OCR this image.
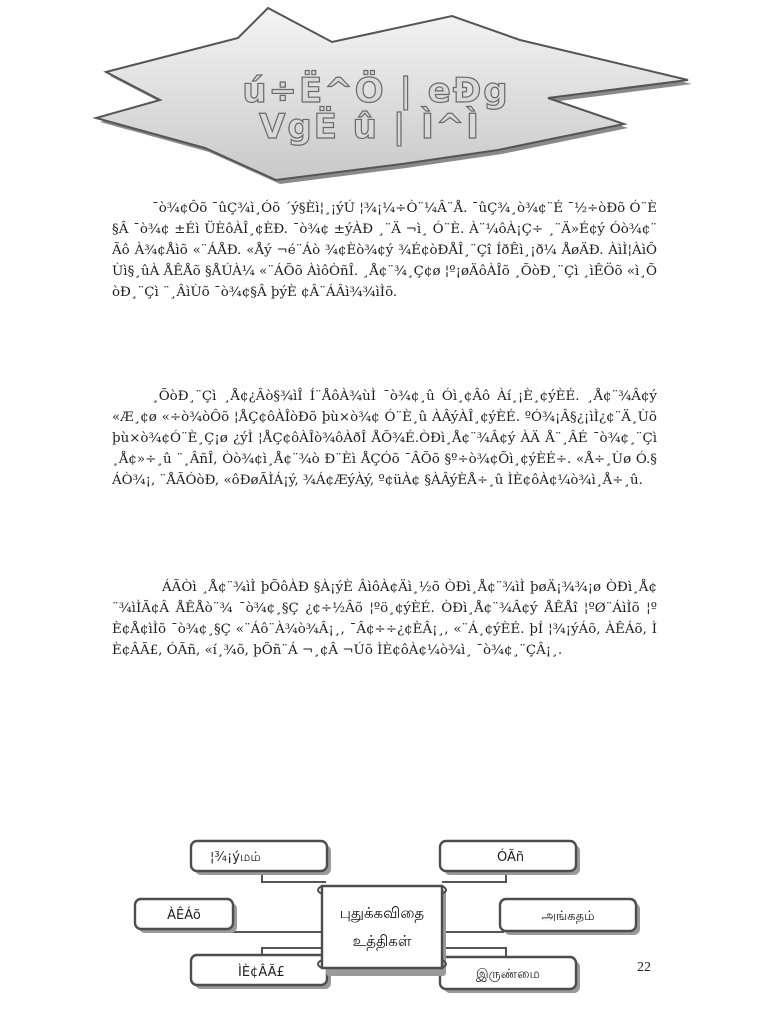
ú÷Ë^Ö | eÐg
VgË û | Ì^Ì

¯ò¾¢Ôõ ¯ûÇ¾ì¸Óõ ´ý§Èì¦¸¡ýÚ ¦¾¡¼÷Ò¨¼Â¨Å. ¯ûÇ¾¸ò¾¢¨É ¯½÷òÐõ Ó¨È§Â ¯ò¾¢ ±Éì ÜÈôÀÎ¸¢ÈÐ. ¯ò¾¢ ±ýÀÐ ¸¨Ä ¬ì¸ Ó¨È. À¨¼ôÀ¡Ç÷ ¸¨Ä»É¢ý Óò¾¢¨Ãô À¾¢Åìõ «¨ÁÅÐ. «Åý ¬é¨Áò ¾¢Èò¾¢ý ¾É¢òÐÅÎ¸¨Çî ÍðÊì¸¡ð¼ ÅøÄÐ. ÀìÌ¦ÀìÔÙì§¸ûÀ ÅÊÅõ §ÅÚÀ¼ «¨ÁÕõ ÀìôÒñÎ. ¸Å¢¨¾¸Ç¢ø ¦º¡øÄôÀÎõ ¸ÕòÐ¸¨Çì ¸ìÊÖõ «ì¸ÕòÐ¸¨Çì ¨¸ÂìÙõ ¯ò¾¢§Â þýÈ ¢Â¨ÁÂì¾¾ìÌõ.

¸ÕòÐ¸¨Çì ¸Å¢¿Âò§¾ìÎ Í¨ÅôÀ¾ùÌ ¯ò¾¢¸û Óì¸¢Âô Àí¸¡È¸¢ýÈÉ. ¸Å¢¨¾Â¢ý «Æ¸¢ø «÷ò¾òÔõ ¦ÅÇ¢ôÀÎòÐõ þù×ò¾¢ Ó¨È¸û ÀÂýÀÎ¸¢ýÈÉ. ºÓ¾¡Â§¿¡ìÌ¿¢¨Ä¸Ùõ þù×ò¾¢Ó¨È¸Ç¡ø ¿ýÌ ¦ÅÇ¢ôÀÎò¾ôÀðÎ ÅÕ¾É.ÒÐì¸Å¢¨¾Â¢ý ÀÄ Å¨¸ÂÉ ¯ò¾¢¸¨Çì ¸Å¢»÷¸û ¨¸ÂñÎ, Òò¾¢ì¸Å¢¨¾ò Ð¨Èì ÅÇÓõ ¯ÂÕõ §º÷ò¾¢Õì¸¢ýÈÉ÷. «Å÷¸Ùø Ó.§ÁÒ¾¡, ¨ÅÃÓòÐ, «ôÐøÃÌÁ¡ý, ¾Á¢ÆýÀý, º¢üÀ¢ §ÀÂýÈÅ÷¸û ÌÈ¢ôÀ¢¼ò¾ì¸Å÷¸û.

ÁÃÒì ¸Å¢¨¾ìÌ þÕôÀÐ §À¡ýÈ ÂìôÀ¢Äì¸½õ ÒÐì¸Å¢¨¾ìÌ þøÄ¡¾¾¡ø ÒÐì¸Å¢¨¾ìÌÃ¢Â ÅÊÅò¨¾ ¯ò¾¢¸§Ç ¿¢÷½Âõ ¦ºö¸¢ýÈÉ. ÒÐì¸Å¢¨¾Â¢ý ÅÊÅî ¦ºØ¨ÁìÌõ ¦ºÈ¢Å¢ìÌõ ¯ò¾¢¸§Ç «¨Áô¨À¾ò¾Â¡¸, ¯Â¢÷÷¿¢ÈÂ¡¸, «¨Á¸¢ýÈÉ. þÍ ¦¾¡ýÁõ, ÀÊÁõ, ÌÈ¢ÂÃ£, ÓÃñ, «í¸¾õ, þÕñ¨Á ¬¸¢Â ¬Úõ ÌÈ¢ôÀ¢¼ò¾ì¸ ¯ò¾¢¸¨ÇÂ¡¸.

¦¾¡ýமம்	ÓÃñ
ÀÊÁõ	அங்கதம்
ÌÈ¢ÂÃ£	இருண்மை
புதுக்கவிதை
உத்திகள்
22
